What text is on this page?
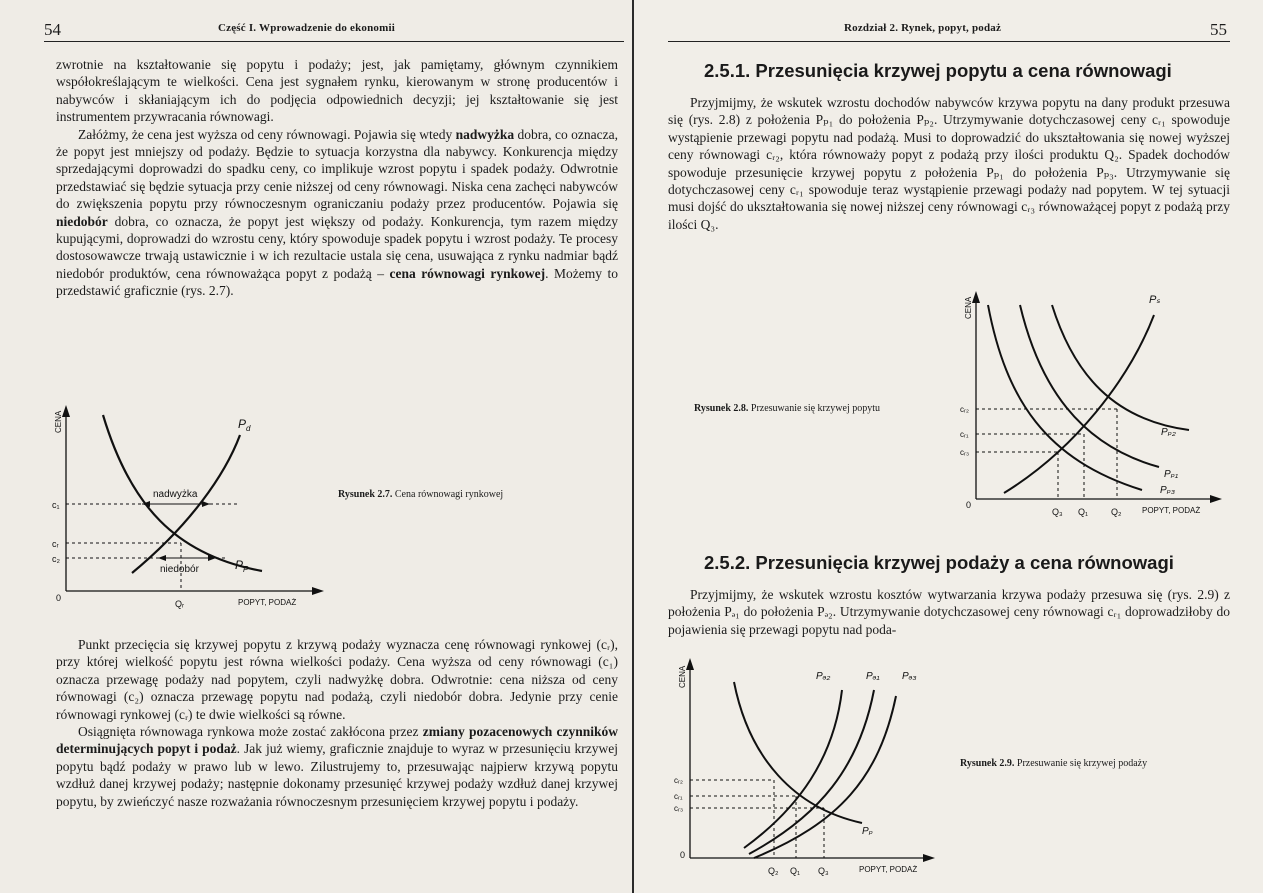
54	Część I. Wprowadzenie do ekonomii

zwrotnie na kształtowanie się popytu i podaży; jest, jak pamiętamy, głównym czynnikiem współokreślającym te wielkości. Cena jest sygnałem rynku, kierowanym w stronę producentów i nabywców i skłaniającym ich do podjęcia odpowiednich decyzji; jej kształtowanie się jest instrumentem przywracania równowagi.

Załóżmy, że cena jest wyższa od ceny równowagi. Pojawia się wtedy nadwyżka dobra, co oznacza, że popyt jest mniejszy od podaży. Będzie to sytuacja korzystna dla nabywcy. Konkurencja między sprzedającymi doprowadzi do spadku ceny, co implikuje wzrost popytu i spadek podaży. Odwrotnie przedstawiać się będzie sytuacja przy cenie niższej od ceny równowagi. Niska cena zachęci nabywców do zwiększenia popytu przy równoczesnym ograniczaniu podaży przez producentów. Pojawia się niedobór dobra, co oznacza, że popyt jest większy od podaży. Konkurencja, tym razem między kupującymi, doprowadzi do wzrostu ceny, który spowoduje spadek popytu i wzrost podaży. Te procesy dostosowawcze trwają ustawicznie i w ich rezultacie ustala się cena, usuwająca z rynku nadmiar bądź niedobór produktów, cena równoważąca popyt z podażą – cena równowagi rynkowej. Możemy to przedstawić graficznie (rys. 2.7).

CENA	$P_d$
$P_F$
nadwyżka
niedobór
c₁
cᵣ
c₂
0
Qᵣ	POPYT, PODAŻ
Rysunek 2.7. Cena równowagi rynkowej

Punkt przecięcia się krzywej popytu z krzywą podaży wyznacza cenę równowagi rynkowej (cᵣ), przy której wielkość popytu jest równa wielkości podaży. Cena wyższa od ceny równowagi (c₁) oznacza przewagę podaży nad popytem, czyli nadwyżkę dobra. Odwrotnie: cena niższa od ceny równowagi (c₂) oznacza przewagę popytu nad podażą, czyli niedobór dobra. Jedynie przy cenie równowagi rynkowej (cᵣ) te dwie wielkości są równe.

Osiągnięta równowaga rynkowa może zostać zakłócona przez zmiany pozacenowych czynników determinujących popyt i podaż. Jak już wiemy, graficznie znajduje to wyraz w przesunięciu krzywej popytu bądź podaży w prawo lub w lewo. Zilustrujemy to, przesuwając najpierw krzywą popytu wzdłuż danej krzywej podaży; następnie dokonamy przesunięć krzywej podaży wzdłuż danej krzywej popytu, by zwieńczyć nasze rozważania równoczesnym przesunięciem krzywej popytu i podaży.

Rozdział 2. Rynek, popyt, podaż	55
2.5.1. Przesunięcia krzywej popytu a cena równowagi

Przyjmijmy, że wskutek wzrostu dochodów nabywców krzywa popytu na dany produkt przesuwa się (rys. 2.8) z położenia Pₚ₁ do położenia Pₚ₂. Utrzymywanie dotychczasowej ceny cᵣ₁ spowoduje wystąpienie przewagi popytu nad podażą. Musi to doprowadzić do ukształtowania się nowej wyższej ceny równowagi cᵣ₂, która równoważy popyt z podażą przy ilości produktu Q₂. Spadek dochodów spowoduje przesunięcie krzywej popytu z położenia Pₚ₁ do położenia Pₚ₃. Utrzymywanie się dotychczasowej ceny cᵣ₁ spowoduje teraz wystąpienie przewagi podaży nad popytem. W tej sytuacji musi dojść do ukształtowania się nowej niższej ceny równowagi cᵣ₃ równoważącej popyt z podażą przy ilości Q₃.

CENA	Pₛ
Pₚ₂
Pₚ₁
Pₚ₃
cᵣ₂
cᵣ₁
cᵣ₃
0
Q₃ Q₁	Q₂	POPYT, PODAŻ
Rysunek 2.8. Przesuwanie się krzywej popytu
2.5.2. Przesunięcia krzywej podaży a cena równowagi

Przyjmijmy, że wskutek wzrostu kosztów wytwarzania krzywa podaży przesuwa się (rys. 2.9) z położenia Pₔ₁ do położenia Pₔ₂. Utrzymywanie dotychczasowej ceny równowagi cᵣ₁ doprowadziłoby do pojawienia się przewagi popytu nad poda-

CENA	Pₔ₂	Pₔ₁ Pₔ₃
Pₚ
cᵣ₂
cᵣ₁
cᵣ₃
0
Q₂ Q₁ Q₃	POPYT, PODAŻ
Rysunek 2.9. Przesuwanie się krzywej podaży
